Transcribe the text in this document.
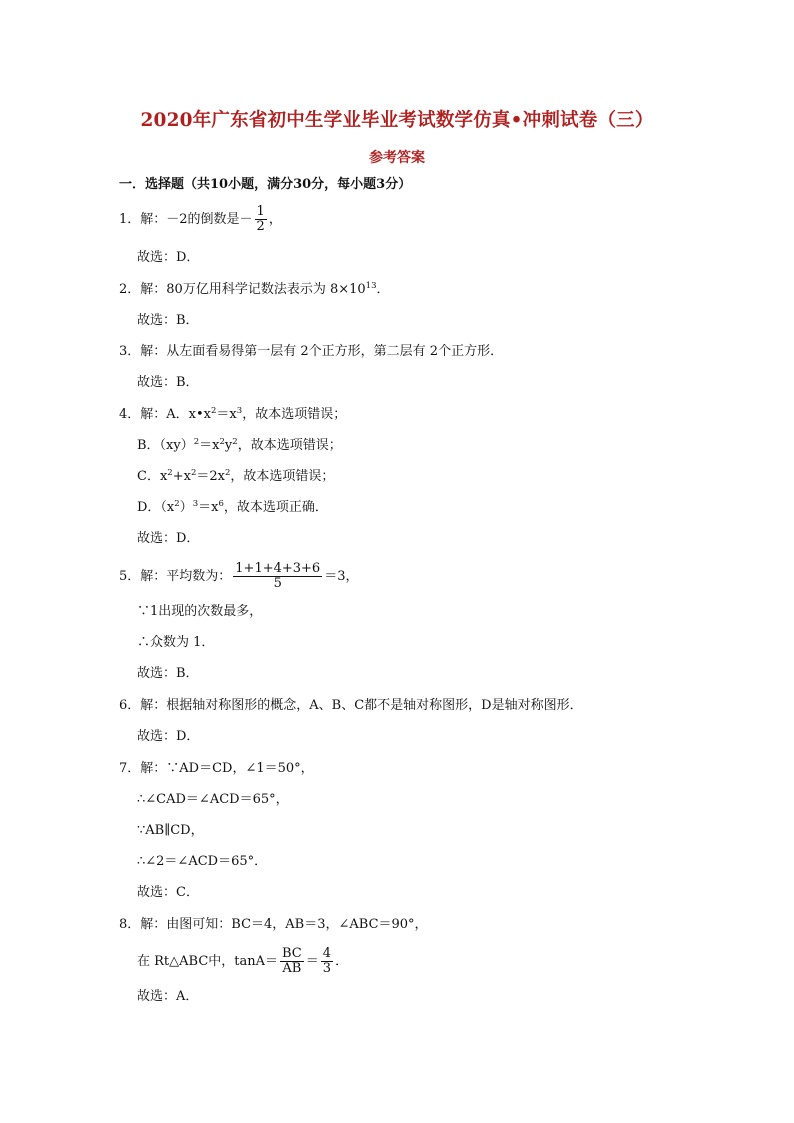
2020年广东省初中生学业毕业考试数学仿真•冲刺试卷（三）
参考答案
一．选择题（共10小题，满分30分，每小题3分）
1．解：－2的倒数是－ $\frac{1}{2}$ ，
故选：D．
2．解：80万亿用科学记数法表示为 $8\times 10^{13}$．
故选：B．
3．解：从左面看易得第一层有 2个正方形，第二层有 2个正方形．
故选：B．
4．解：A．$x•x^2=x^3$，故本选项错误；
B．$(xy)^2=x^2y^2$，故本选项错误；
C．$x^2+x^2=2x^2$，故本选项错误；
D．$(x^2)^3=x^6$，故本选项正确．
故选：D．
5．解：平均数为： $\frac{1+1+4+3+6}{5} =3$，
∵1出现的次数最多，
∴众数为 1．
故选：B．
6．解：根据轴对称图形的概念，A、B、C都不是轴对称图形，D是轴对称图形．
故选：D．
7．解：∵AD＝CD，∠1＝50°，
∴∠CAD＝∠ACD＝65°，
∵AB∥CD，
∴∠2＝∠ACD＝65°．
故选：C．
8．解：由图可知：BC＝4，AB＝3，∠ABC＝90°，
在 Rt△ABC中，$\tan A= \frac{BC}{AB} = \frac{4}{3}$ ．
故选：A．
